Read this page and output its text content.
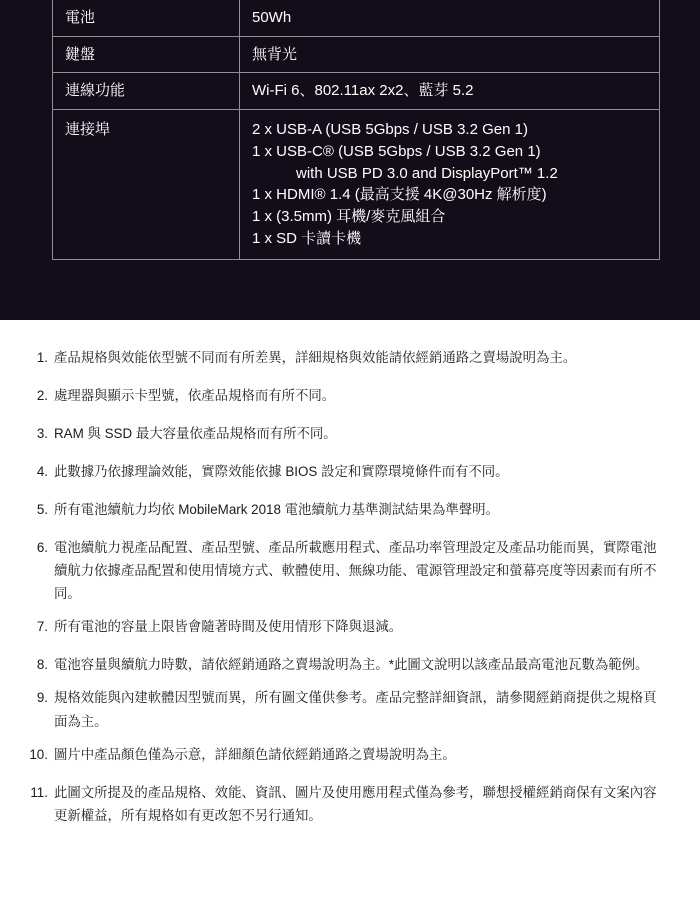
電池	50Wh
鍵盤	無背光
連線功能	Wi-Fi 6、802.11ax 2x2、藍芽 5.2
連接埠	2 x USB-A (USB 5Gbps / USB 3.2 Gen 1)
1 x USB-C® (USB 5Gbps / USB 3.2 Gen 1)
with USB PD 3.0 and DisplayPort™ 1.2
1 x HDMI® 1.4 (最高支援 4K@30Hz 解析度)
1 x (3.5mm) 耳機/麥克風組合
1 x SD 卡讀卡機
產品規格與效能依型號不同而有所差異，詳細規格與效能請依經銷通路之賣場說明為主。
處理器與顯示卡型號，依產品規格而有所不同。
RAM 與 SSD 最大容量依產品規格而有所不同。
此數據乃依據理論效能，實際效能依據 BIOS 設定和實際環境條件而有不同。
所有電池續航力均依 MobileMark 2018 電池續航力基準測試結果為準聲明。
電池續航力視產品配置、產品型號、產品所載應用程式、產品功率管理設定及產品功能而異，實際電池續航力依據產品配置和使用情境方式、軟體使用、無線功能、電源管理設定和螢幕亮度等因素而有所不同。
所有電池的容量上限皆會隨著時間及使用情形下降與退減。
電池容量與續航力時數，請依經銷通路之賣場說明為主。*此圖文說明以該產品最高電池瓦數為範例。
規格效能與內建軟體因型號而異，所有圖文僅供參考。產品完整詳細資訊，請參閱經銷商提供之規格頁面為主。
圖片中產品顏色僅為示意，詳細顏色請依經銷通路之賣場說明為主。
此圖文所提及的產品規格、效能、資訊、圖片及使用應用程式僅為參考，聯想授權經銷商保有文案內容更新權益，所有規格如有更改恕不另行通知。
